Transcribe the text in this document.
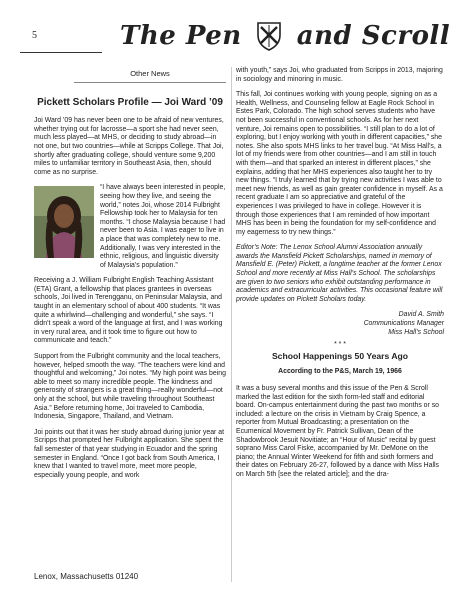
5	The Pen and Scroll
Other News
Pickett Scholars Profile — Joi Ward ’09

Joi Ward ’09 has never been one to be afraid of new ventures, whether trying out for lacrosse—a sport she had never seen, much less played—at MHS, or deciding to study abroad—in not one, but two countries—while at Scripps College. That Joi, shortly after graduating college, should venture some 9,200 miles to unfamiliar territory in Southeast Asia, then, should come as no surprise.

“I have always been interested in people, seeing how they live, and seeing the world,” notes Joi, whose 2014 Fulbright Fellowship took her to Malaysia for ten months. “I chose Malaysia because I had never been to Asia. I was eager to live in a place that was completely new to me. Additionally, I was very interested in the ethnic, religious, and linguistic diversity of Malaysia’s population.”

Receiving a J. William Fulbright English Teaching Assistant (ETA) Grant, a fellowship that places grantees in overseas schools, Joi lived in Terengganu, on Peninsular Malaysia, and taught in an elementary school of about 400 students. “It was quite a whirlwind—challenging and wonderful,” she says. “I didn’t speak a word of the language at first, and I was working in very rural area, and it took time to figure out how to communicate and teach.”

Support from the Fulbright community and the local teachers, however, helped smooth the way. “The teachers were kind and thoughtful and welcoming,” Joi notes. “My high point was being able to meet so many incredible people. The kindness and generosity of strangers is a great thing—really wonderful—not only at the school, but while traveling throughout Southeast Asia.” Before returning home, Joi traveled to Cambodia, Indonesia, Singapore, Thailand, and Vietnam.

Joi points out that it was her study abroad during junior year at Scripps that prompted her Fulbright application. She spent the fall semester of that year studying in Ecuador and the spring semester in England. “Once I got back from South America, I knew that I wanted to travel more, meet more people, especially young people, and work

with youth,” says Joi, who graduated from Scripps in 2013, majoring in sociology and minoring in music.

This fall, Joi continues working with young people, signing on as a Health, Wellness, and Counseling fellow at Eagle Rock School in Estes Park, Colorado. The high school serves students who have not been successful in conventional schools. As for her next venture, Joi remains open to possibilities. “I still plan to do a lot of exploring, but I enjoy working with youth in different capacities,” she notes. She also spots MHS links to her travel bug. “At Miss Hall’s, a lot of my friends were from other countries—and I am still in touch with them—and that sparked an interest in different places,” she explains, adding that her MHS experiences also taught her to try new things. “I truly learned that by trying new activities I was able to meet new friends, as well as gain greater confidence in myself. As a recent graduate I am so appreciative and grateful of the experiences I was privileged to have in college. However it is through those experiences that I am reminded of how important MHS has been in being the foundation for my self-confidence and my eagerness to try new things.”

Editor’s Note: The Lenox School Alumni Association annually awards the Mansfield Pickett Scholarships, named in memory of Mansfield E. (Peter) Pickett, a longtime teacher at the former Lenox School and more recently at Miss Hall’s School. The scholarships are given to two seniors who exhibit outstanding performance in academics and extracurricular activities. This occasional feature will provide updates on Pickett Scholars today.

David A. Smith

Communications Manager

Miss Hall’s School

* * *
School Happenings 50 Years Ago
According to the P&S, March 19, 1966

It was a busy several months and this issue of the Pen & Scroll marked the last edition for the sixth form-led staff and editorial board. On-campus entertainment during the past two months or so included: a lecture on the crisis in Vietnam by Craig Spence, a reporter from Mutual Broadcasting; a presentation on the Ecumenical Movement by Fr. Patrick Sullivan, Dean of the Shadowbrook Jesuit Novitiate; an “Hour of Music” recital by guest soprano Miss Carol Fiske, accompanied by Mr. DeMone on the piano; the Annual Winter Weekend for fifth and sixth formers and their dates on February 26-27, followed by a dance with Miss Halls on March 5th [see the related article]; and the dra-

Lenox, Massachusetts 01240
